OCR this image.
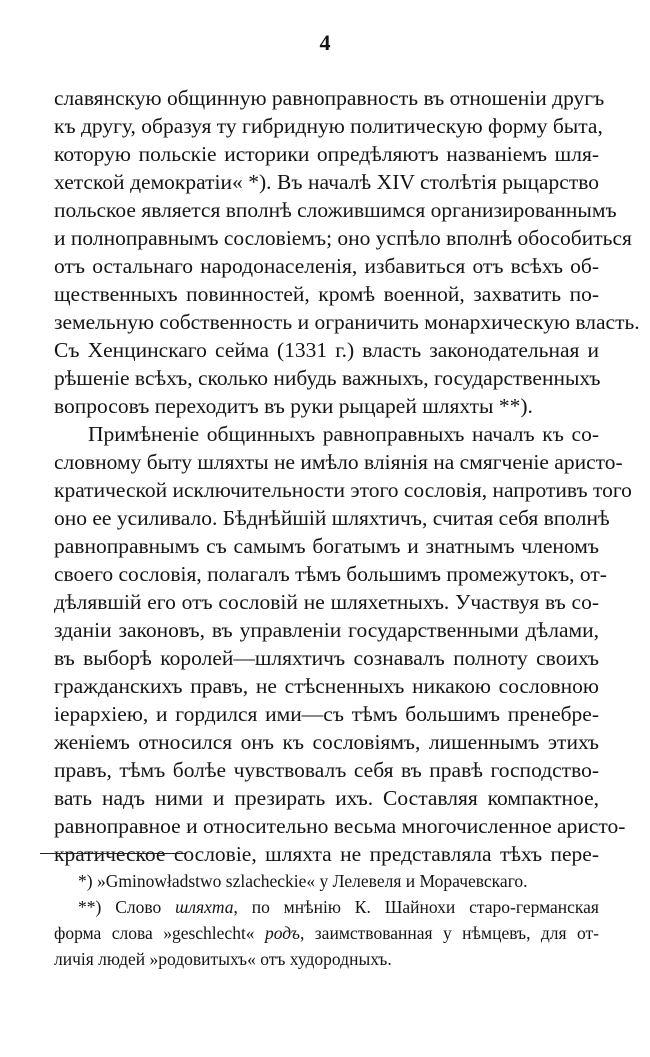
4
славянскую общинную равноправность въ отношеніи другъ
къ другу, образуя ту гибридную политическую форму быта,
которую польскіе историки опредѣляютъ названіемъ шля-
хетской демократіи« *). Въ началѣ XIV столѣтія рыцарство
польское является вполнѣ сложившимся организированнымъ
и полноправнымъ сословіемъ; оно успѣло вполнѣ обособиться
отъ остальнаго народонаселенія, избавиться отъ всѣхъ об-
щественныхъ повинностей, кромѣ военной, захватить по-
земельную собственность и ограничить монархическую власть.
Съ Хенцинскаго сейма (1331 г.) власть законодательная и
рѣшеніе всѣхъ, сколько нибудь важныхъ, государственныхъ
вопросовъ переходитъ въ руки рыцарей шляхты **).
Примѣненіе общинныхъ равноправныхъ началъ къ со-
словному быту шляхты не имѣло вліянія на смягченіе аристо-
кратической исключительности этого сословія, напротивъ того
оно ее усиливало. Бѣднѣйшій шляхтичъ, считая себя вполнѣ
равноправнымъ съ самымъ богатымъ и знатнымъ членомъ
своего сословія, полагалъ тѣмъ большимъ промежутокъ, от-
дѣлявшій его отъ сословій не шляхетныхъ. Участвуя въ со-
зданіи законовъ, въ управленіи государственными дѣлами,
въ выборѣ королей—шляхтичъ сознавалъ полноту своихъ
гражданскихъ правъ, не стѣсненныхъ никакою сословною
іерархіею, и гордился ими—съ тѣмъ большимъ пренебре-
женіемъ относился онъ къ сословіямъ, лишеннымъ этихъ
правъ, тѣмъ болѣе чувствовалъ себя въ правѣ господство-
вать надъ ними и презирать ихъ. Составляя компактное,
равноправное и относительно весьма многочисленное аристо-
кратическое сословіе, шляхта не представляла тѣхъ пере-
*) »Gminowładstwo szlacheckie« у Лелевеля и Морачевскаго.
**) Слово шляхта, по мнѣнію К. Шайнохи старо-германская
форма слова »geschlecht« родъ, заимствованная у нѣмцевъ, для от-
личія людей »родовитыхъ« отъ худородныхъ.
